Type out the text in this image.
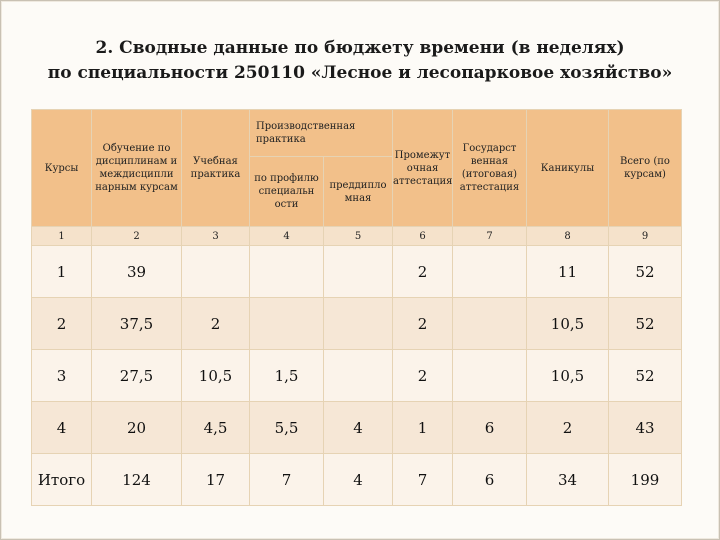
2. Сводные данные по бюджету времени (в неделях)
по специальности 250110 «Лесное и лесопарковое хозяйство»
Курсы	Обучение по дисциплинам и междисципли нарным курсам	Учебная практика	Производственная практика		Промежут очная аттестация	Государст венная (итоговая) аттестация	Каникулы	Всего (по курсам)
			по профилю специальн ости	преддипло мная				
1	2	3	4	5	6	7	8	9
1	39				2		11	52
2	37,5	2			2		10,5	52
3	27,5	10,5	1,5		2		10,5	52
4	20	4,5	5,5	4	1	6	2	43
Итого	124	17	7	4	7	6	34	199
